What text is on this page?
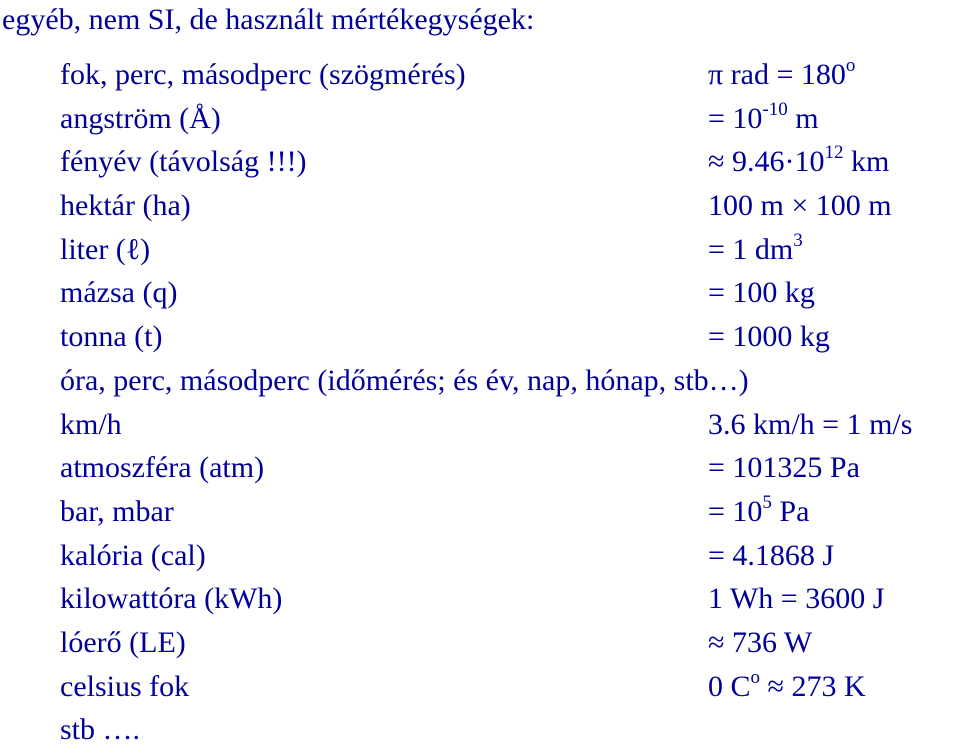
egyéb, nem SI, de használt mértékegységek:
fok, perc, másodperc (szögmérés)	π rad = $180^o$
angström (Å)	= $10^{-10}$ m
fényév (távolság !!!)	≈ $9.46\cdot 10^{12}$ km
hektár (ha)	100 m × 100 m
liter (ℓ)	= 1 $dm^3$
mázsa (q)	= 100 kg
tonna (t)	= 1000 kg
óra, perc, másodperc (időmérés; és év, nap, hónap, stb…)
km/h	3.6 km/h = 1 m/s
atmoszféra (atm)	= 101325 Pa
bar, mbar	= $10^5$ Pa
kalória (cal)	= 4.1868 J
kilowattóra (kWh)	1 Wh = 3600 J
lóerő (LE)	≈ 736 W
celsius fok	0 $C^o \approx 273$ K
stb ….
